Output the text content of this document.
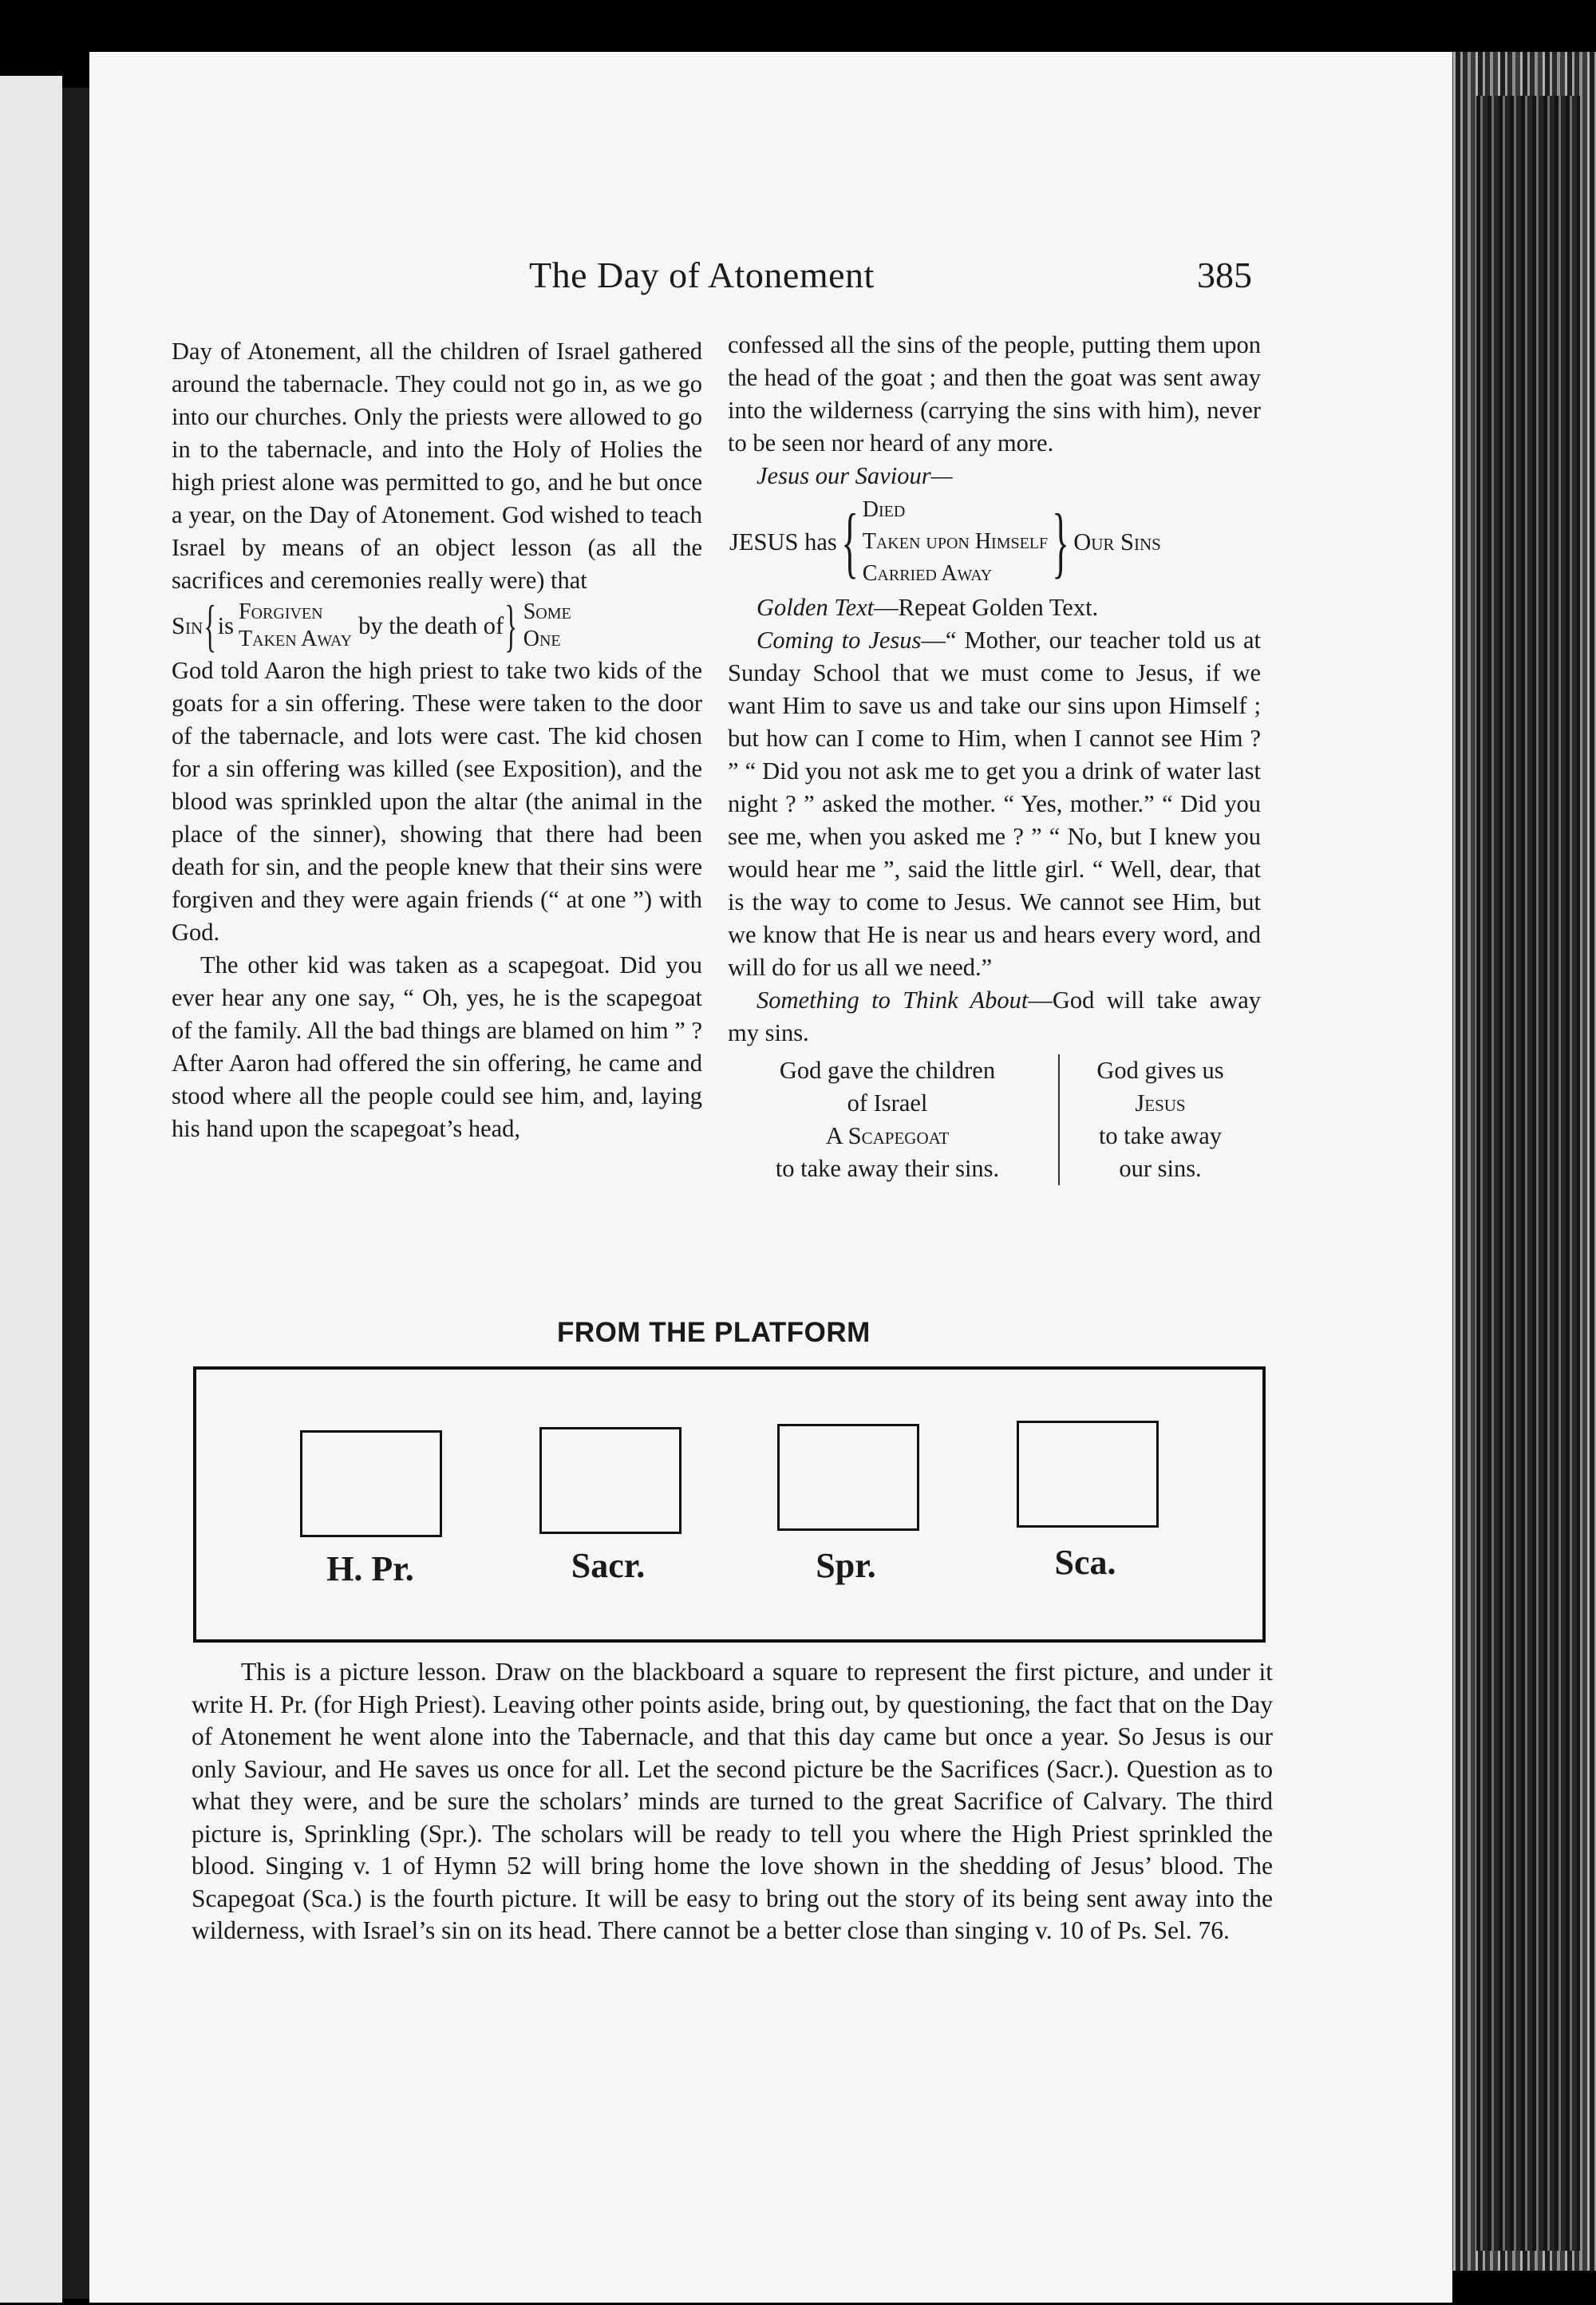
The Day of Atonement	385

Day of Atonement, all the children of Israel gathered around the tabernacle. They could not go in, as we go into our churches. Only the priests were allowed to go in to the tabernacle, and into the Holy of Holies the high priest alone was permitted to go, and he but once a year, on the Day of Atonement. God wished to teach Israel by means of an object lesson (as all the sacrifices and ceremonies really were) that

Sin { is Forgiven
Taken Away by the death of } Some
One

God told Aaron the high priest to take two kids of the goats for a sin offering. These were taken to the door of the tabernacle, and lots were cast. The kid chosen for a sin offering was killed (see Exposition), and the blood was sprinkled upon the altar (the animal in the place of the sinner), showing that there had been death for sin, and the people knew that their sins were forgiven and they were again friends (“ at one ”) with God.

The other kid was taken as a scapegoat. Did you ever hear any one say, “ Oh, yes, he is the scapegoat of the family. All the bad things are blamed on him ” ? After Aaron had offered the sin offering, he came and stood where all the people could see him, and, laying his hand upon the scapegoat’s head,

confessed all the sins of the people, putting them upon the head of the goat ; and then the goat was sent away into the wilderness (carrying the sins with him), never to be seen nor heard of any more.

Jesus our Saviour—

JESUS has { Died
Taken upon Himself
Carried Away } Our Sins

Golden Text—Repeat Golden Text.

Coming to Jesus—“ Mother, our teacher told us at Sunday School that we must come to Jesus, if we want Him to save us and take our sins upon Himself ; but how can I come to Him, when I cannot see Him ? ” “ Did you not ask me to get you a drink of water last night ? ” asked the mother. “ Yes, mother.” “ Did you see me, when you asked me ? ” “ No, but I knew you would hear me ”, said the little girl. “ Well, dear, that is the way to come to Jesus. We cannot see Him, but we know that He is near us and hears every word, and will do for us all we need.”

Something to Think About—God will take away my sins.

God gave the children
of Israel
A Scapegoat
to take away their sins.
God gives us
Jesus
to take away
our sins.
FROM THE PLATFORM
H. Pr.	Sacr.	Spr.	Sca.

This is a picture lesson. Draw on the blackboard a square to represent the first picture, and under it write H. Pr. (for High Priest). Leaving other points aside, bring out, by questioning, the fact that on the Day of Atonement he went alone into the Tabernacle, and that this day came but once a year. So Jesus is our only Saviour, and He saves us once for all. Let the second picture be the Sacrifices (Sacr.). Question as to what they were, and be sure the scholars’ minds are turned to the great Sacrifice of Calvary. The third picture is, Sprinkling (Spr.). The scholars will be ready to tell you where the High Priest sprinkled the blood. Singing v. 1 of Hymn 52 will bring home the love shown in the shedding of Jesus’ blood. The Scapegoat (Sca.) is the fourth picture. It will be easy to bring out the story of its being sent away into the wilderness, with Israel’s sin on its head. There cannot be a better close than singing v. 10 of Ps. Sel. 76.
